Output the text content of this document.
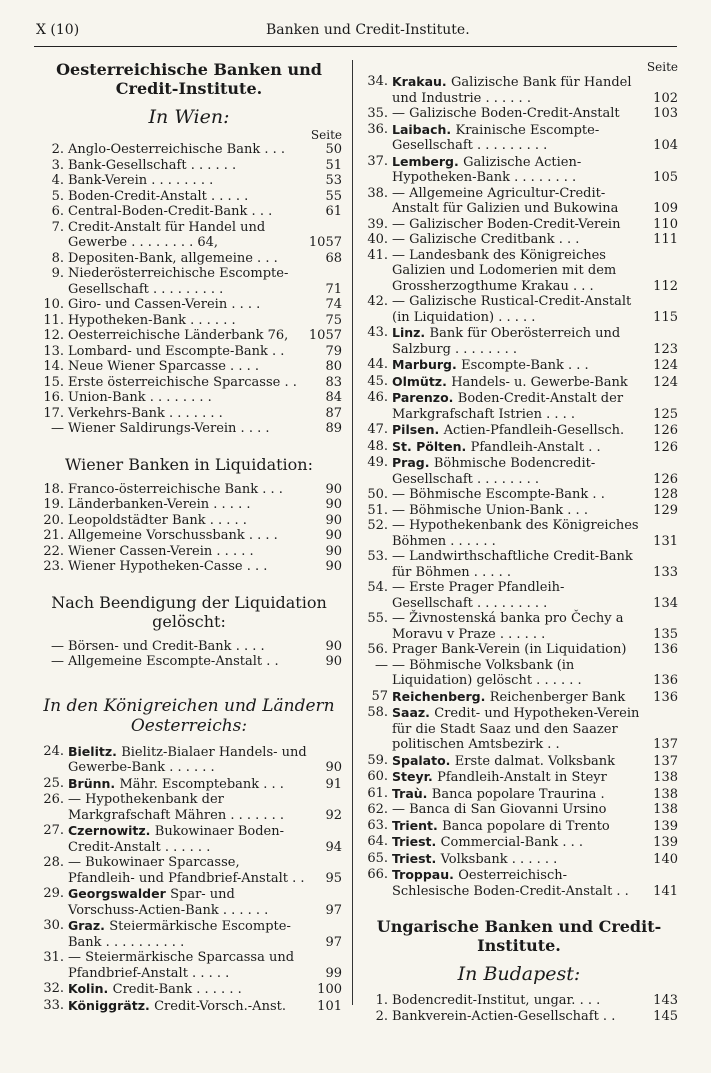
X (10)	Banken und Credit-Institute.
Oesterreichische Banken und Credit-Institute.
In Wien:
Seite
2. Anglo-Oesterreichische Bank . . .	50
3. Bank-Gesellschaft . . . . . .	51
4. Bank-Verein . . . . . . . .	53
5. Boden-Credit-Anstalt . . . . .	55
6. Central-Boden-Credit-Bank . . .	61
7. Credit-Anstalt für Handel und Gewerbe . . . . . . . . 64,	1057
8. Depositen-Bank, allgemeine . . .	68
9. Niederösterreichische Escompte-Gesellschaft . . . . . . . . .	71
10. Giro- und Cassen-Verein . . . .	74
11. Hypotheken-Bank . . . . . .	75
12. Oesterreichische Länderbank 76,	1057
13. Lombard- und Escompte-Bank . .	79
14. Neue Wiener Sparcasse . . . .	80
15. Erste österreichische Sparcasse . .	83
16. Union-Bank . . . . . . . .	84
17. Verkehrs-Bank . . . . . . .	87
— Wiener Saldirungs-Verein . . . .	89
Wiener Banken in Liquidation:
18. Franco-österreichische Bank . . .	90
19. Länderbanken-Verein . . . . .	90
20. Leopoldstädter Bank . . . . .	90
21. Allgemeine Vorschussbank . . . .	90
22. Wiener Cassen-Verein . . . . .	90
23. Wiener Hypotheken-Casse . . .	90
Nach Beendigung der Liquidation gelöscht:
— Börsen- und Credit-Bank . . . .	90
— Allgemeine Escompte-Anstalt . .	90
In den Königreichen und Ländern Oesterreichs:
24. Bielitz. Bielitz-Bialaer Handels- und Gewerbe-Bank . . . . . .	90
25. Brünn. Mähr. Escomptebank . . .	91
26. — Hypothekenbank der Markgrafschaft Mähren . . . . . . .	92
27. Czernowitz. Bukowinaer Boden-Credit-Anstalt . . . . . .	94
28. — Bukowinaer Sparcasse, Pfandleih- und Pfandbrief-Anstalt . .	95
29. Georgswalder Spar- und Vorschuss-Actien-Bank . . . . . .	97
30. Graz. Steiermärkische Escompte-Bank . . . . . . . . . .	97
31. — Steiermärkische Sparcassa und Pfandbrief-Anstalt . . . . .	99
32. Kolin. Credit-Bank . . . . . .	100
33. Königgrätz. Credit-Vorsch.-Anst.	101
Seite
34. Krakau. Galizische Bank für Handel und Industrie . . . . . .	102
35. — Galizische Boden-Credit-Anstalt	103
36. Laibach. Krainische Escompte-Gesellschaft . . . . . . . . .	104
37. Lemberg. Galizische Actien-Hypotheken-Bank . . . . . . . .	105
38. — Allgemeine Agricultur-Credit-Anstalt für Galizien und Bukowina	109
39. — Galizischer Boden-Credit-Verein	110
40. — Galizische Creditbank . . .	111
41. — Landesbank des Königreiches Galizien und Lodomerien mit dem Grossherzogthume Krakau . . .	112
42. — Galizische Rustical-Credit-Anstalt (in Liquidation) . . . . .	115
43. Linz. Bank für Oberösterreich und Salzburg . . . . . . . .	123
44. Marburg. Escompte-Bank . . .	124
45. Olmütz. Handels- u. Gewerbe-Bank	124
46. Parenzo. Boden-Credit-Anstalt der Markgrafschaft Istrien . . . .	125
47. Pilsen. Actien-Pfandleih-Gesellsch.	126
48. St. Pölten. Pfandleih-Anstalt . .	126
49. Prag. Böhmische Bodencredit-Gesellschaft . . . . . . . .	126
50. — Böhmische Escompte-Bank . .	128
51. — Böhmische Union-Bank . . .	129
52. — Hypothekenbank des Königreiches Böhmen . . . . . .	131
53. — Landwirthschaftliche Credit-Bank für Böhmen . . . . .	133
54. — Erste Prager Pfandleih-Gesellschaft . . . . . . . . .	134
55. — Živnostenská banka pro Čechy a Moravu v Praze . . . . . .	135
56. Prager Bank-Verein (in Liquidation)	136
— — Böhmische Volksbank (in Liquidation) gelöscht . . . . . .	136
57 Reichenberg. Reichenberger Bank	136
58. Saaz. Credit- und Hypotheken-Verein für die Stadt Saaz und den Saazer politischen Amtsbezirk . .	137
59. Spalato. Erste dalmat. Volksbank	137
60. Steyr. Pfandleih-Anstalt in Steyr	138
61. Traù. Banca popolare Traurina .	138
62. — Banca di San Giovanni Ursino	138
63. Trient. Banca popolare di Trento	139
64. Triest. Commercial-Bank . . .	139
65. Triest. Volksbank . . . . . .	140
66. Troppau. Oesterreichisch-Schlesische Boden-Credit-Anstalt . .	141
Ungarische Banken und Credit-Institute.
In Budapest:
1. Bodencredit-Institut, ungar. . . .	143
2. Bankverein-Actien-Gesellschaft . .	145
